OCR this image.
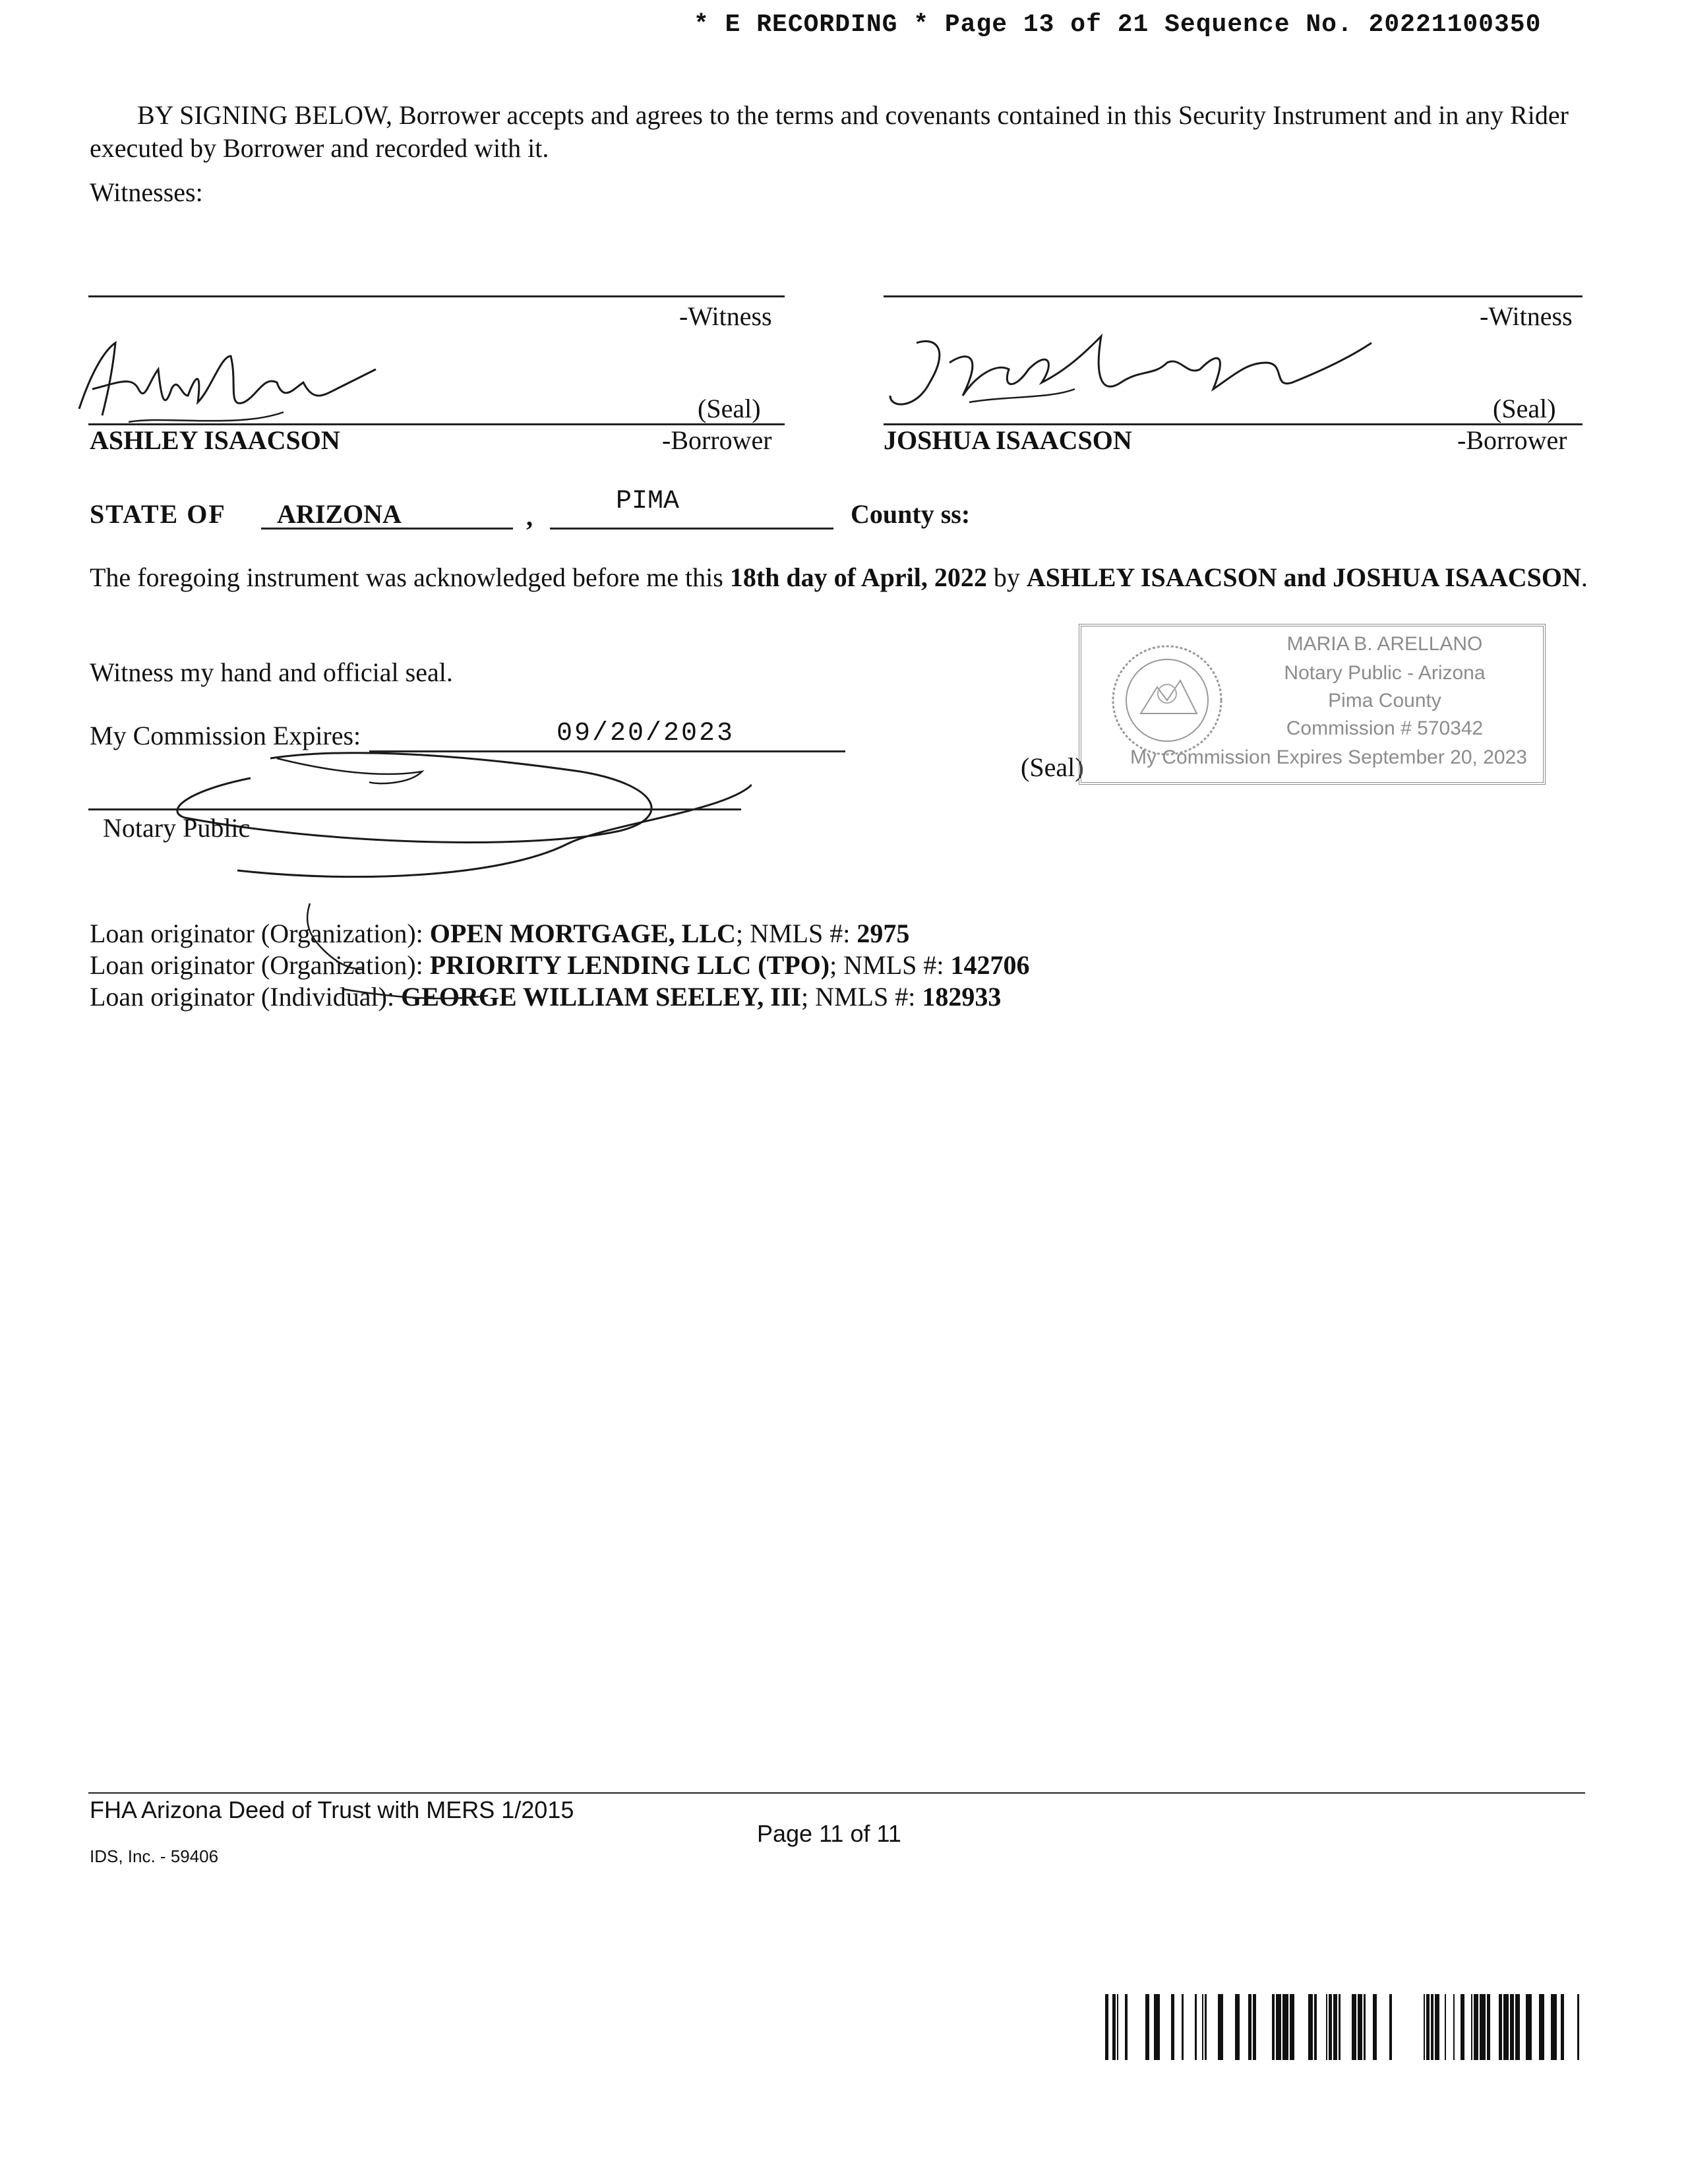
* E RECORDING * Page 13 of 21 Sequence No. 20221100350
BY SIGNING BELOW, Borrower accepts and agrees to the terms and covenants contained in this Security Instrument and in any Rider executed by Borrower and recorded with it.
Witnesses:
-Witness	-Witness
(Seal)
ASHLEY ISAACSON	-Borrower
(Seal)
JOSHUA ISAACSON	-Borrower
STATE OF ARIZONA	,
PIMA	County ss:
The foregoing instrument was acknowledged before me this 18th day of April, 2022 by ASHLEY ISAACSON and JOSHUA ISAACSON.
Witness my hand and official seal.
My Commission Expires:	09/20/2023
(Seal)
Notary Public
MARIA B. ARELLANO
Notary Public - Arizona
Pima County
Commission # 570342
My Commission Expires September 20, 2023
Loan originator (Organization): OPEN MORTGAGE, LLC; NMLS #: 2975
Loan originator (Organization): PRIORITY LENDING LLC (TPO); NMLS #: 142706
Loan originator (Individual): GEORGE WILLIAM SEELEY, III; NMLS #: 182933
FHA Arizona Deed of Trust with MERS 1/2015
IDS, Inc. - 59406
Page 11 of 11
